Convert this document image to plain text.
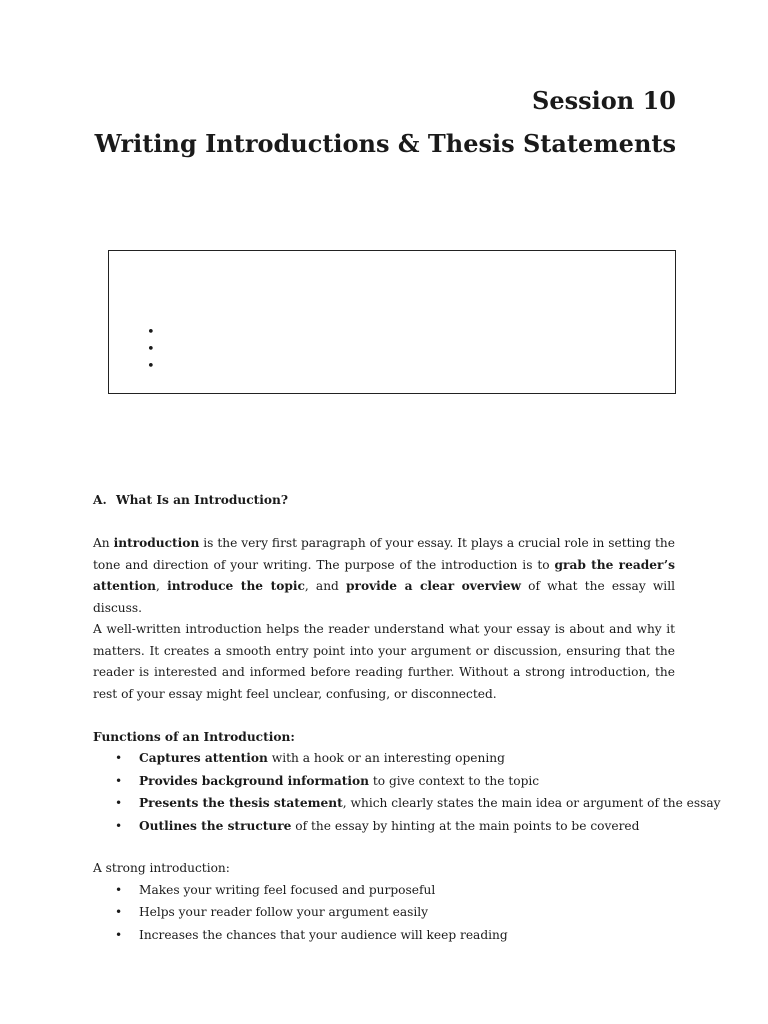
Session 10
Writing Introductions & Thesis Statements
•
•
•
A. What Is an Introduction?

An introduction is the very first paragraph of your essay. It plays a crucial role in setting the tone and direction of your writing. The purpose of the introduction is to grab the reader’s attention, introduce the topic, and provide a clear overview of what the essay will discuss.

A well-written introduction helps the reader understand what your essay is about and why it matters. It creates a smooth entry point into your argument or discussion, ensuring that the reader is interested and informed before reading further. Without a strong introduction, the rest of your essay might feel unclear, confusing, or disconnected.

Functions of an Introduction:
• Captures attention with a hook or an interesting opening
• Provides background information to give context to the topic
• Presents the thesis statement, which clearly states the main idea or argument of the essay
• Outlines the structure of the essay by hinting at the main points to be covered
A strong introduction:
• Makes your writing feel focused and purposeful
• Helps your reader follow your argument easily
• Increases the chances that your audience will keep reading
